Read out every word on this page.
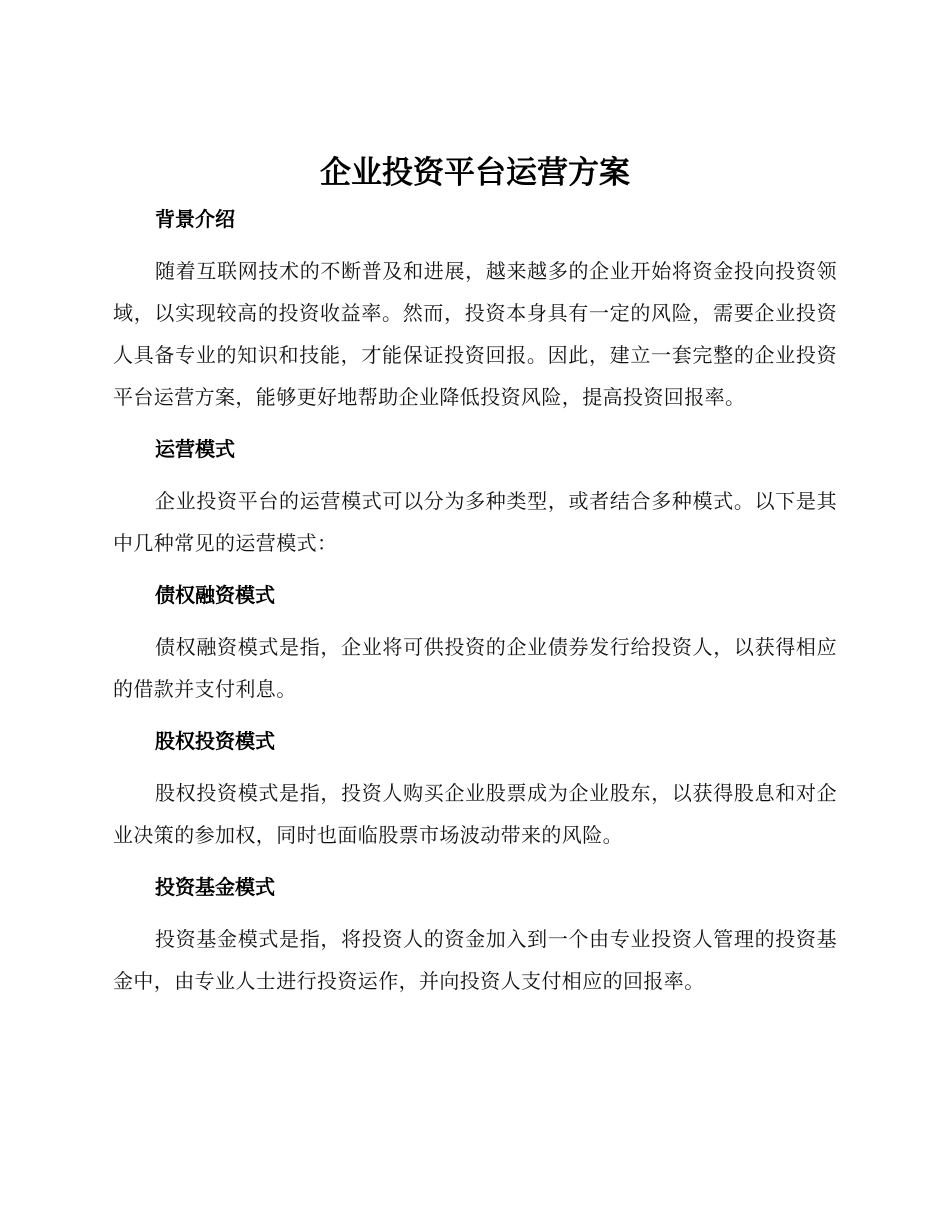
企业投资平台运营方案
背景介绍

随着互联网技术的不断普及和进展，越来越多的企业开始将资金投向投资领域，以实现较高的投资收益率。然而，投资本身具有一定的风险，需要企业投资人具备专业的知识和技能，才能保证投资回报。因此，建立一套完整的企业投资平台运营方案，能够更好地帮助企业降低投资风险，提高投资回报率。

运营模式

企业投资平台的运营模式可以分为多种类型，或者结合多种模式。以下是其中几种常见的运营模式：

债权融资模式

债权融资模式是指，企业将可供投资的企业债券发行给投资人，以获得相应的借款并支付利息。

股权投资模式

股权投资模式是指，投资人购买企业股票成为企业股东，以获得股息和对企业决策的参加权，同时也面临股票市场波动带来的风险。

投资基金模式

投资基金模式是指，将投资人的资金加入到一个由专业投资人管理的投资基金中，由专业人士进行投资运作，并向投资人支付相应的回报率。
